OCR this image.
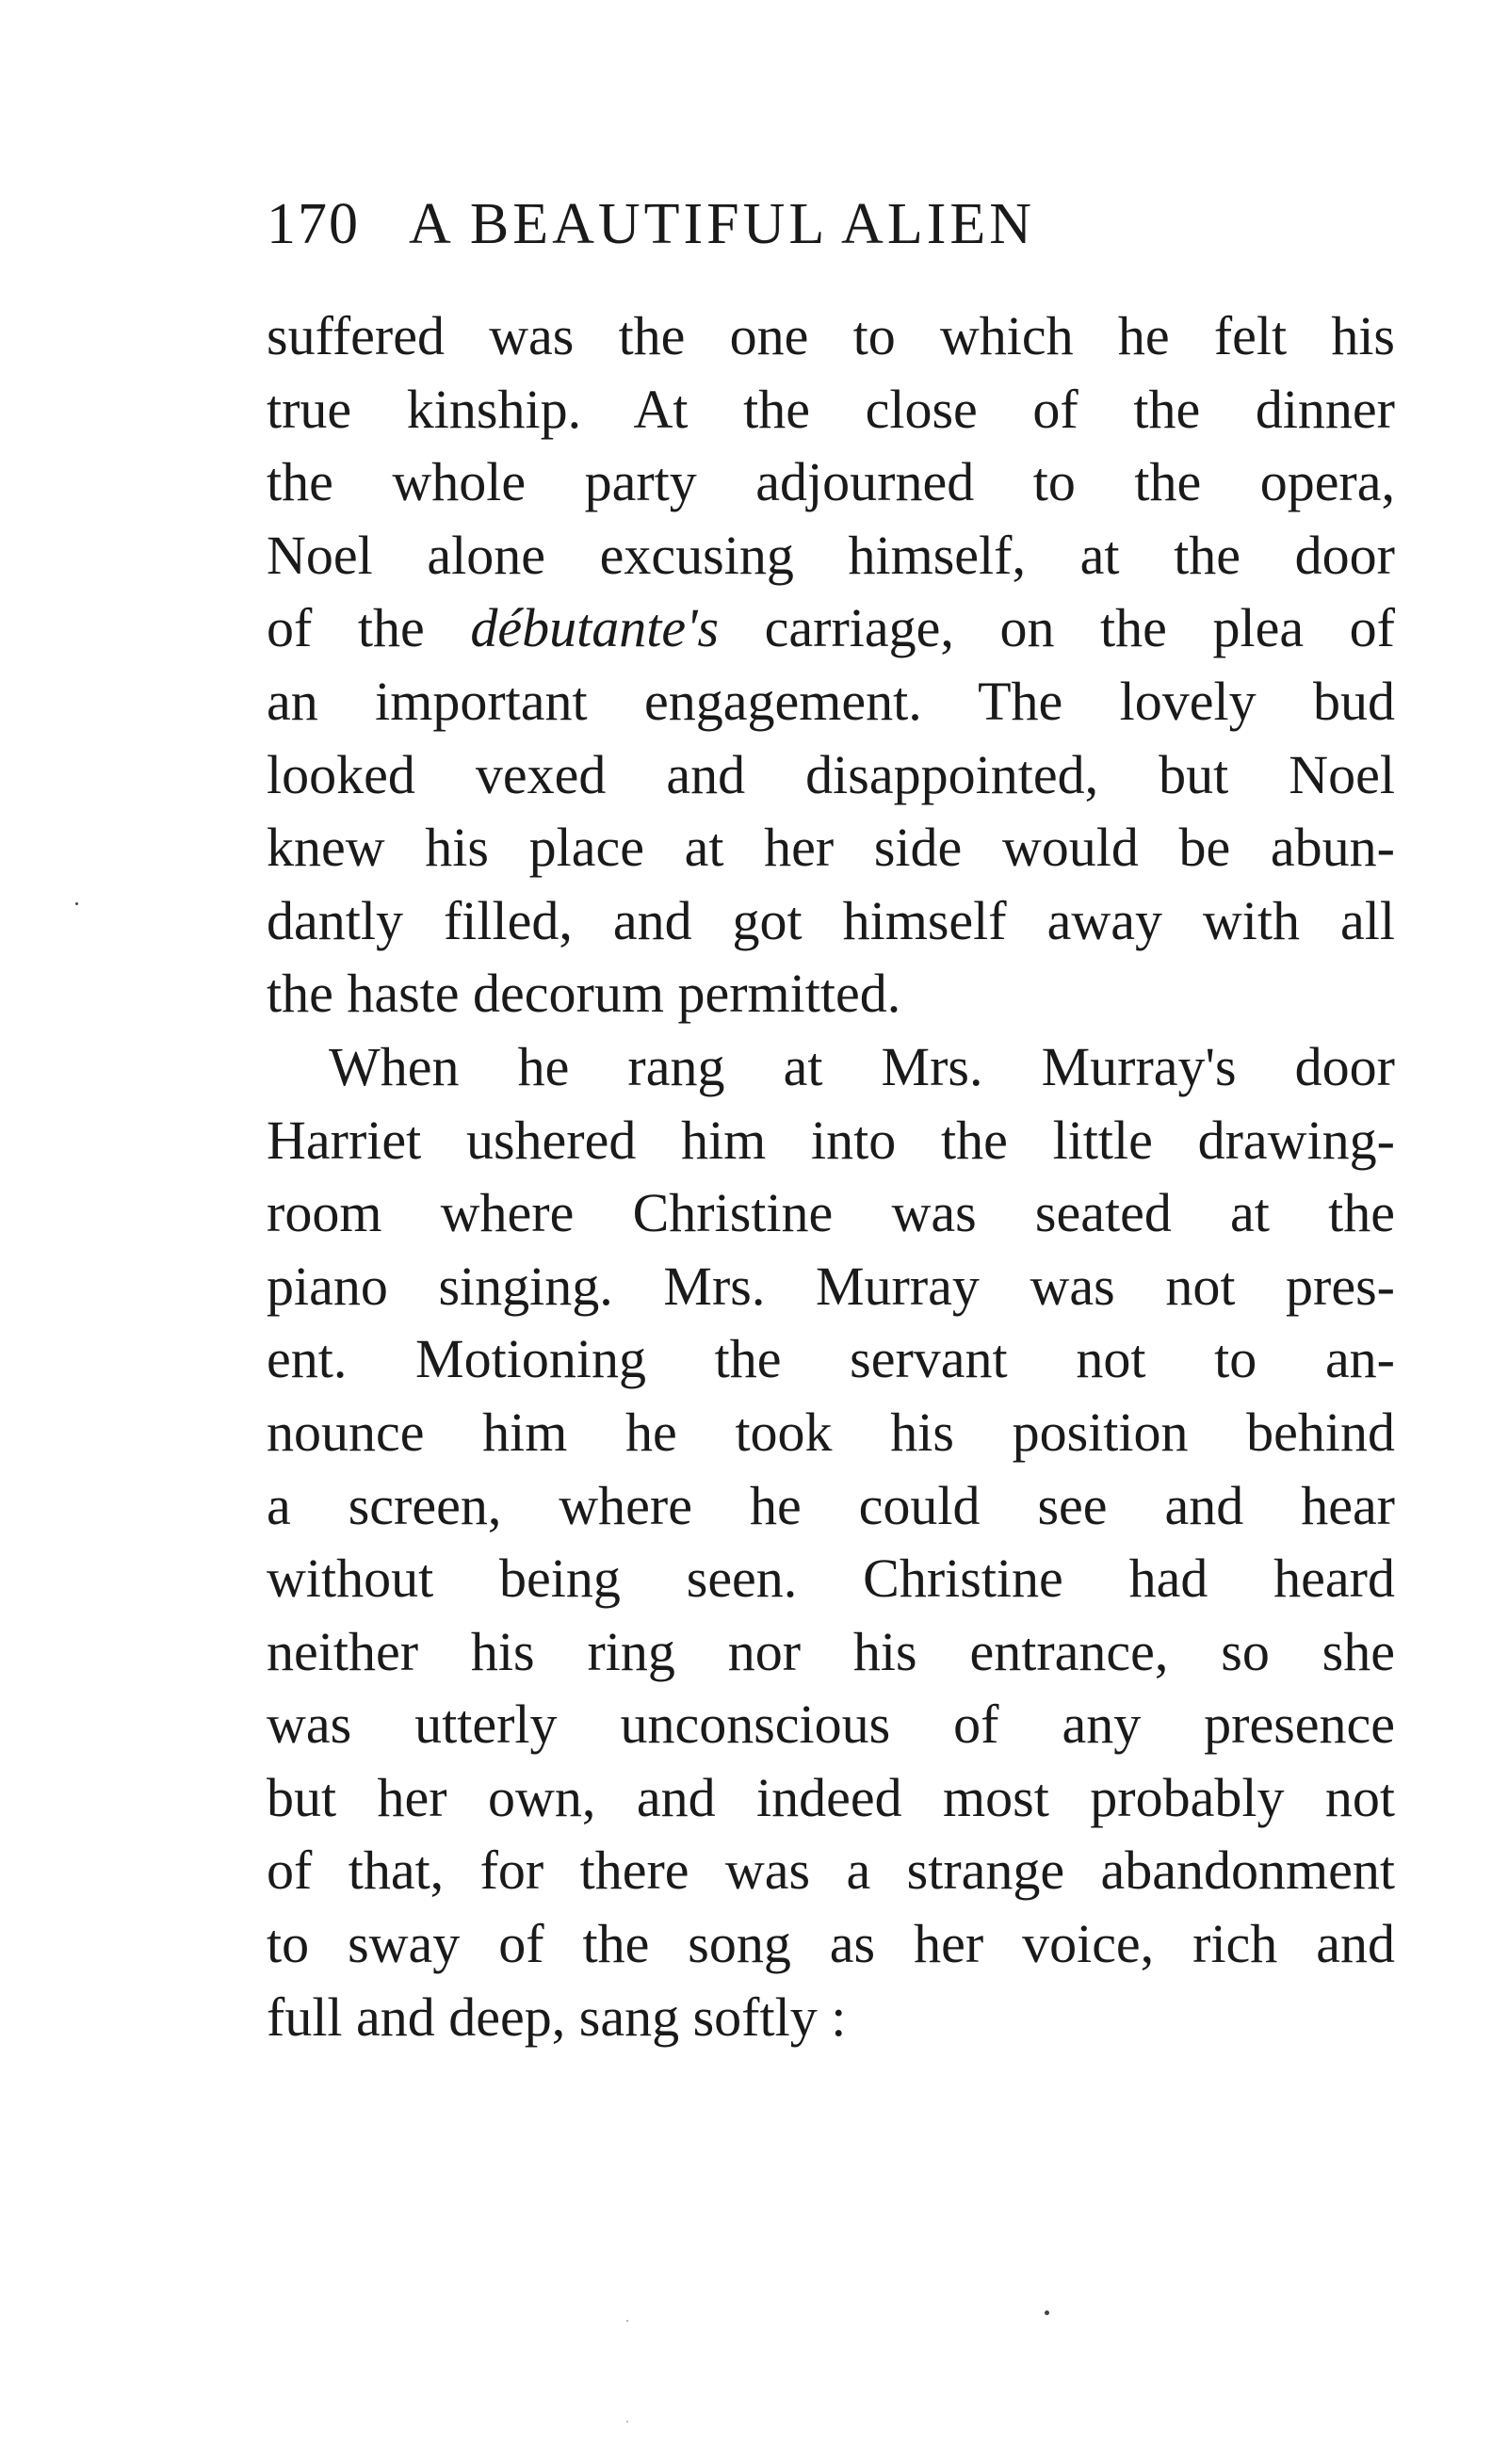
170 A BEAUTIFUL ALIEN
suffered was the one to which he felt his
true kinship. At the close of the dinner
the whole party adjourned to the opera,
Noel alone excusing himself, at the door
of the débutante's carriage, on the plea of
an important engagement. The lovely bud
looked vexed and disappointed, but Noel
knew his place at her side would be abun-
dantly filled, and got himself away with all
the haste decorum permitted.
When he rang at Mrs. Murray's door
Harriet ushered him into the little drawing-
room where Christine was seated at the
piano singing. Mrs. Murray was not pres-
ent. Motioning the servant not to an-
nounce him he took his position behind
a screen, where he could see and hear
without being seen. Christine had heard
neither his ring nor his entrance, so she
was utterly unconscious of any presence
but her own, and indeed most probably not
of that, for there was a strange abandonment
to sway of the song as her voice, rich and
full and deep, sang softly :
